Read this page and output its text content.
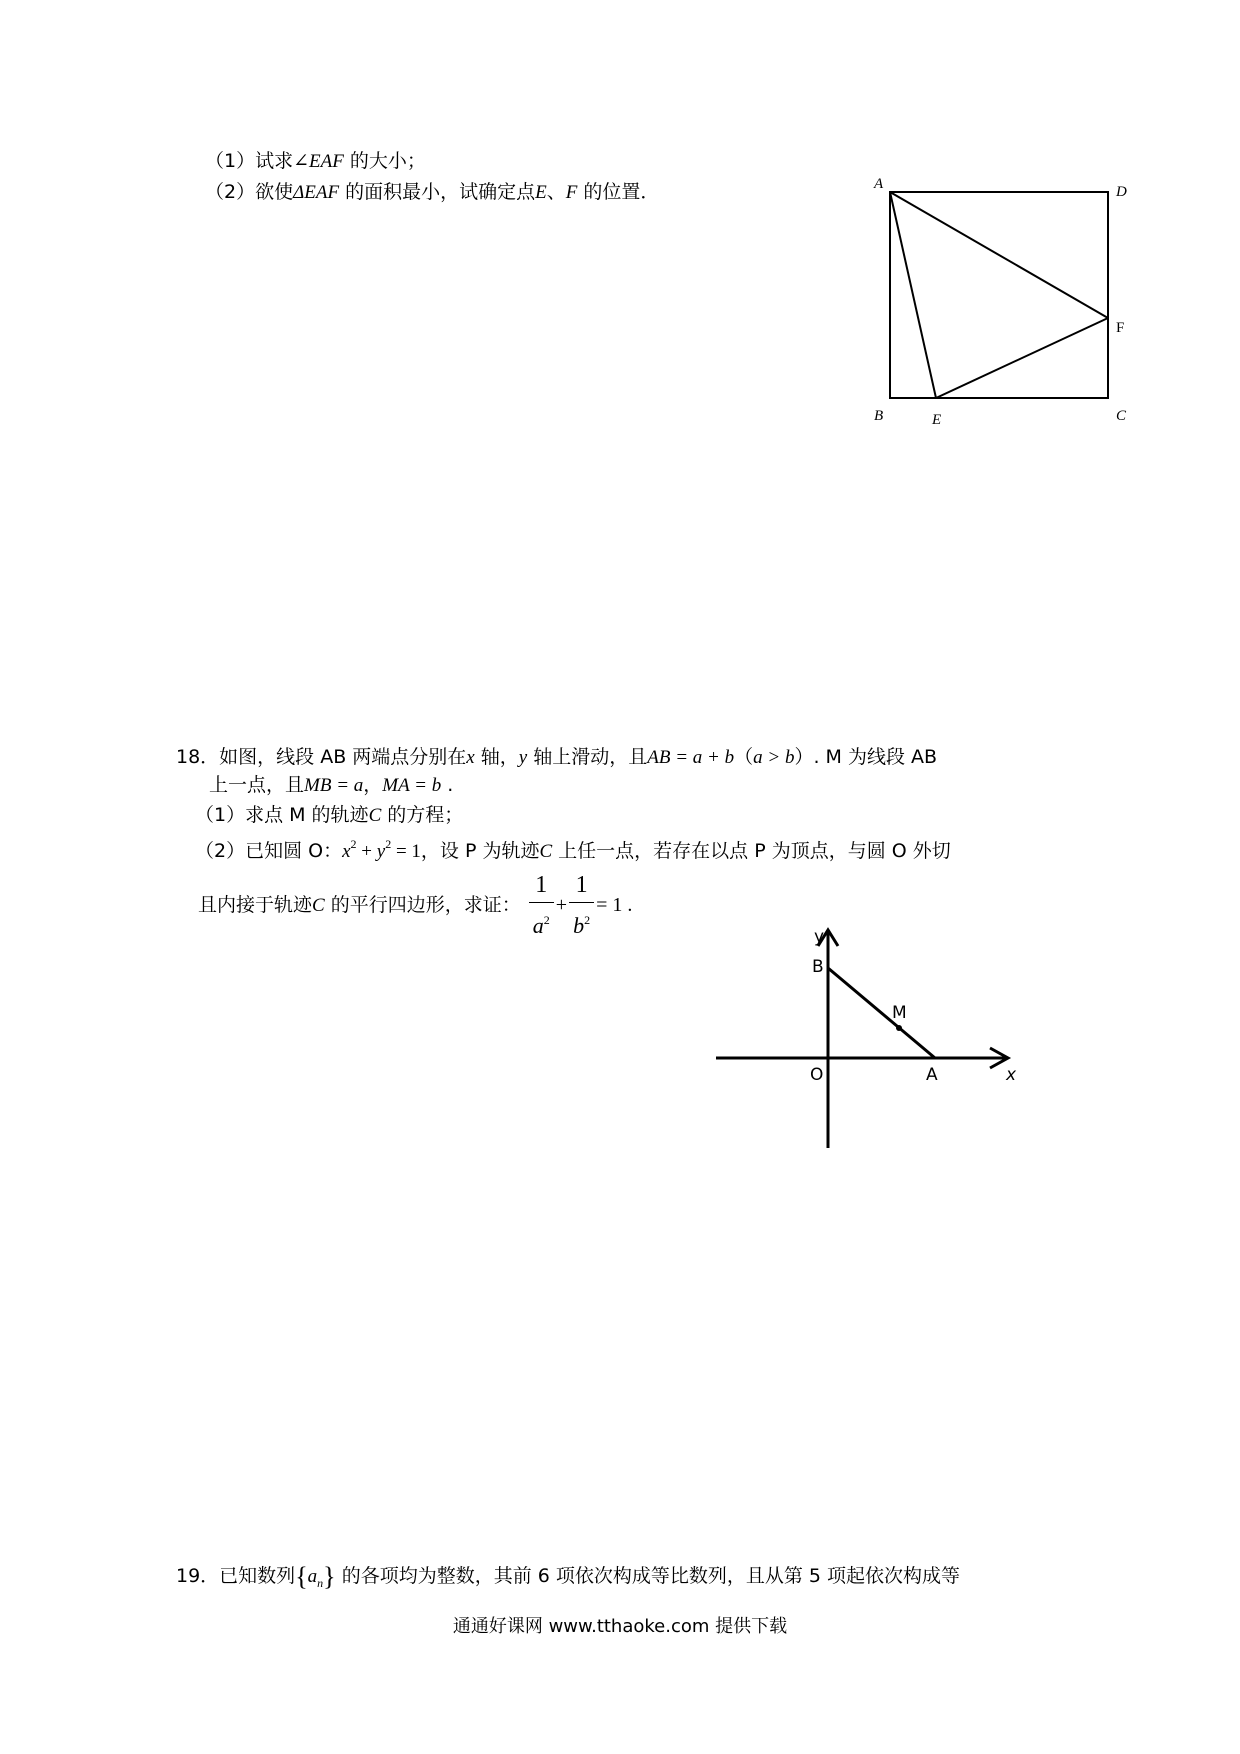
（1）试求∠EAF 的大小；
（2）欲使ΔEAF 的面积最小，试确定点E、F 的位置．	A	D
B	C
E
F
18．如图，线段 AB 两端点分别在x 轴，y 轴上滑动，且AB = a + b（a > b）. M 为线段 AB
上一点，且MB = a，MA = b .
（1）求点 M 的轨迹C 的方程；
（2）已知圆 O：$x^2 + y^2 = 1$，设 P 为轨迹C 上任一点，若存在以点 P 为顶点，与圆 O 外切
且内接于轨迹C 的平行四边形，求证： $\frac{1}{a^2} + \frac{1}{b^2} = 1$ .
y
x
B
M
O	A
19．已知数列$\{a_n\}$ 的各项均为整数，其前 6 项依次构成等比数列，且从第 5 项起依次构成等
通通好课网 www.tthaoke.com 提供下载
